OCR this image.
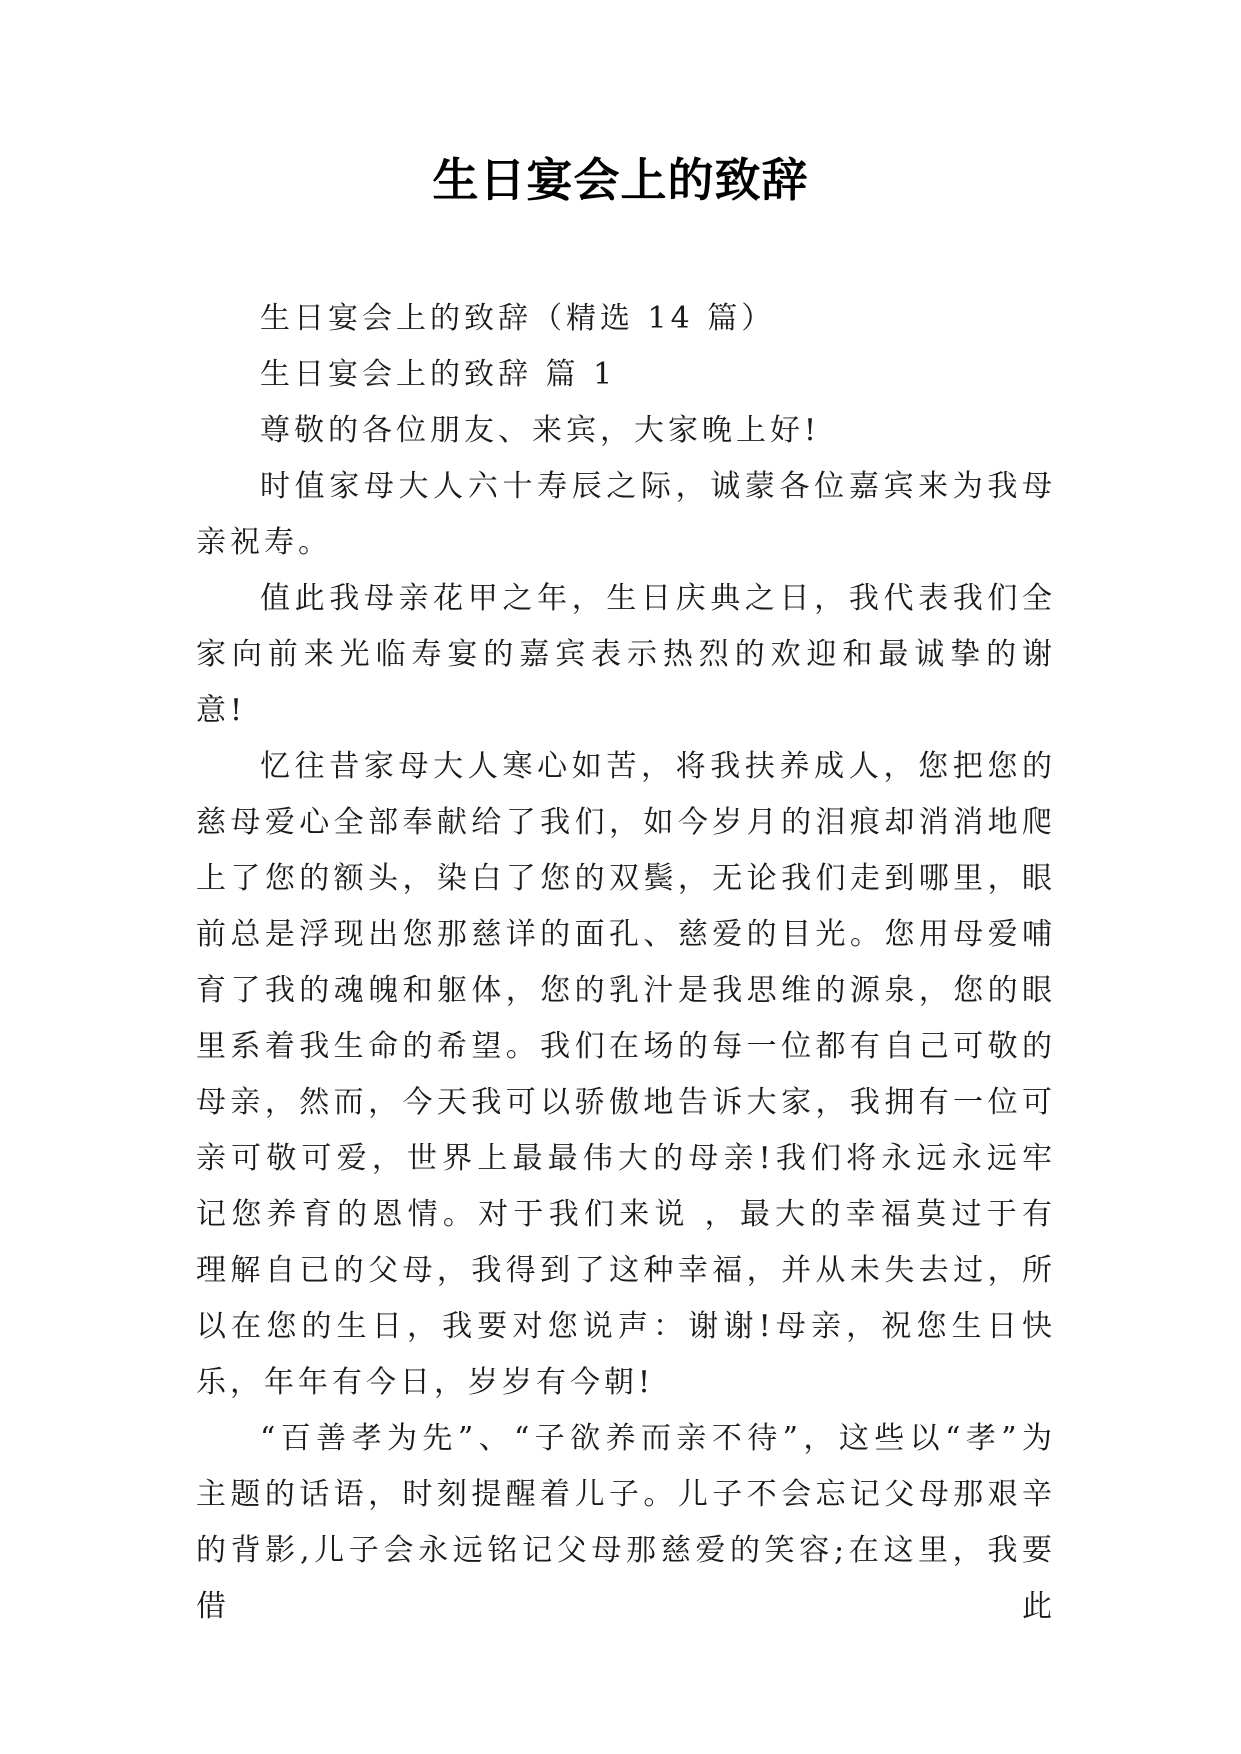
生日宴会上的致辞

生日宴会上的致辞（精选 14 篇）

生日宴会上的致辞 篇 1

尊敬的各位朋友、来宾，大家晚上好!

时值家母大人六十寿辰之际，诚蒙各位嘉宾来为我母亲祝寿。

值此我母亲花甲之年，生日庆典之日，我代表我们全家向前来光临寿宴的嘉宾表示热烈的欢迎和最诚挚的谢意!

忆往昔家母大人寒心如苦，将我扶养成人，您把您的慈母爱心全部奉献给了我们，如今岁月的泪痕却消消地爬上了您的额头，染白了您的双鬓，无论我们走到哪里，眼前总是浮现出您那慈详的面孔、慈爱的目光。您用母爱哺育了我的魂魄和躯体，您的乳汁是我思维的源泉，您的眼里系着我生命的希望。我们在场的每一位都有自己可敬的母亲，然而，今天我可以骄傲地告诉大家，我拥有一位可亲可敬可爱，世界上最最伟大的母亲!我们将永远永远牢记您养育的恩情。对于我们来说 ，最大的幸福莫过于有理解自已的父母，我得到了这种幸福，并从未失去过，所以在您的生日，我要对您说声：谢谢!母亲，祝您生日快乐，年年有今日，岁岁有今朝!

“百善孝为先”、“子欲养而亲不待”，这些以“孝”为主题的话语，时刻提醒着儿子。儿子不会忘记父母那艰辛的背影,儿子会永远铭记父母那慈爱的笑容;在这里，我要借此
